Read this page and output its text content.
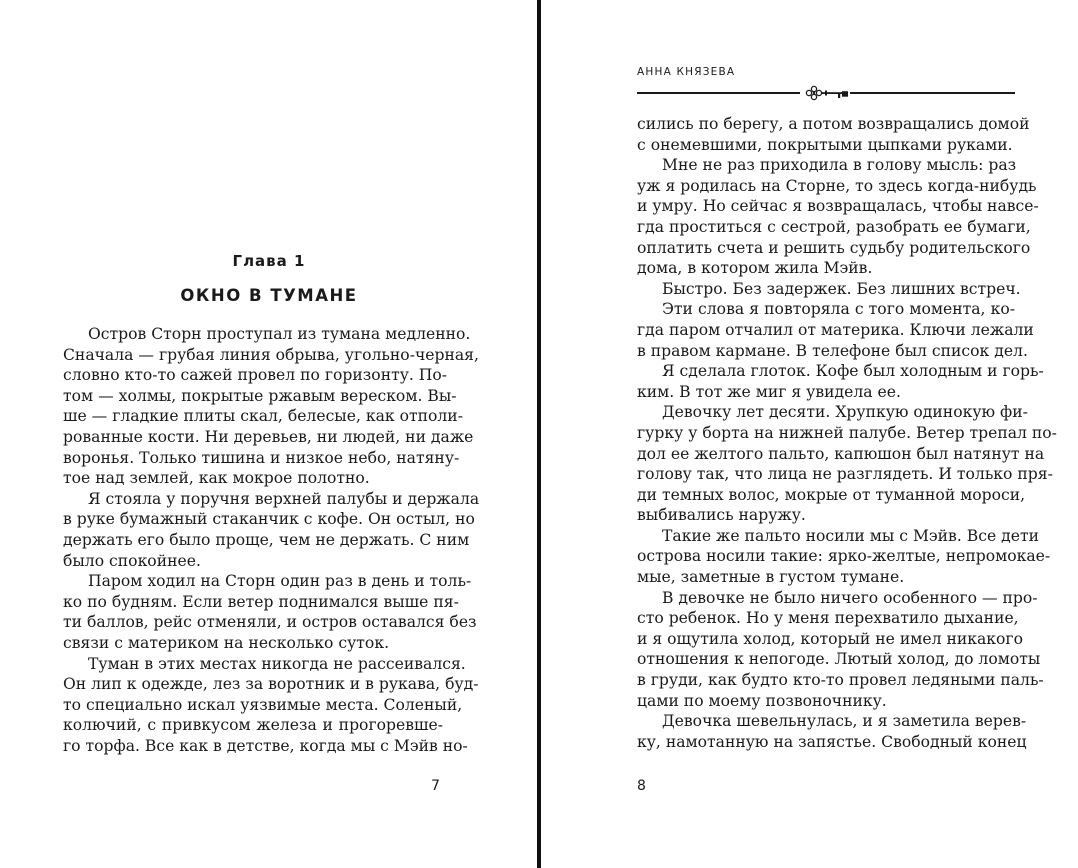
Глава 1
ОКНО В ТУМАНЕ
Остров Сторн проступал из тумана медленно.
Сначала — грубая линия обрыва, угольно-черная,
словно кто-то сажей провел по горизонту. По-
том — холмы, покрытые ржавым вереском. Вы-
ше — гладкие плиты скал, белесые, как отполи-
рованные кости. Ни деревьев, ни людей, ни даже
воронья. Только тишина и низкое небо, натяну-
тое над землей, как мокрое полотно.
Я стояла у поручня верхней палубы и держала
в руке бумажный стаканчик с кофе. Он остыл, но
держать его было проще, чем не держать. С ним
было спокойнее.
Паром ходил на Сторн один раз в день и толь-
ко по будням. Если ветер поднимался выше пя-
ти баллов, рейс отменяли, и остров оставался без
связи с материком на несколько суток.
Туман в этих местах никогда не рассеивался.
Он лип к одежде, лез за воротник и в рукава, буд-
то специально искал уязвимые места. Соленый,
колючий, с привкусом железа и прогоревше-
го торфа. Все как в детстве, когда мы с Мэйв но-
7
АННА КНЯЗЕВА
сились по берегу, а потом возвращались домой
с онемевшими, покрытыми цыпками руками.
Мне не раз приходила в голову мысль: раз
уж я родилась на Сторне, то здесь когда-нибудь
и умру. Но сейчас я возвращалась, чтобы навсе-
гда проститься с сестрой, разобрать ее бумаги,
оплатить счета и решить судьбу родительского
дома, в котором жила Мэйв.
Быстро. Без задержек. Без лишних встреч.
Эти слова я повторяла с того момента, ко-
гда паром отчалил от материка. Ключи лежали
в правом кармане. В телефоне был список дел.
Я сделала глоток. Кофе был холодным и горь-
ким. В тот же миг я увидела ее.
Девочку лет десяти. Хрупкую одинокую фи-
гурку у борта на нижней палубе. Ветер трепал по-
дол ее желтого пальто, капюшон был натянут на
голову так, что лица не разглядеть. И только пря-
ди темных волос, мокрые от туманной мороси,
выбивались наружу.
Такие же пальто носили мы с Мэйв. Все дети
острова носили такие: ярко-желтые, непромокае-
мые, заметные в густом тумане.
В девочке не было ничего особенного — про-
сто ребенок. Но у меня перехватило дыхание,
и я ощутила холод, который не имел никакого
отношения к непогоде. Лютый холод, до ломоты
в груди, как будто кто-то провел ледяными паль-
цами по моему позвоночнику.
Девочка шевельнулась, и я заметила верев-
ку, намотанную на запястье. Свободный конец
8
